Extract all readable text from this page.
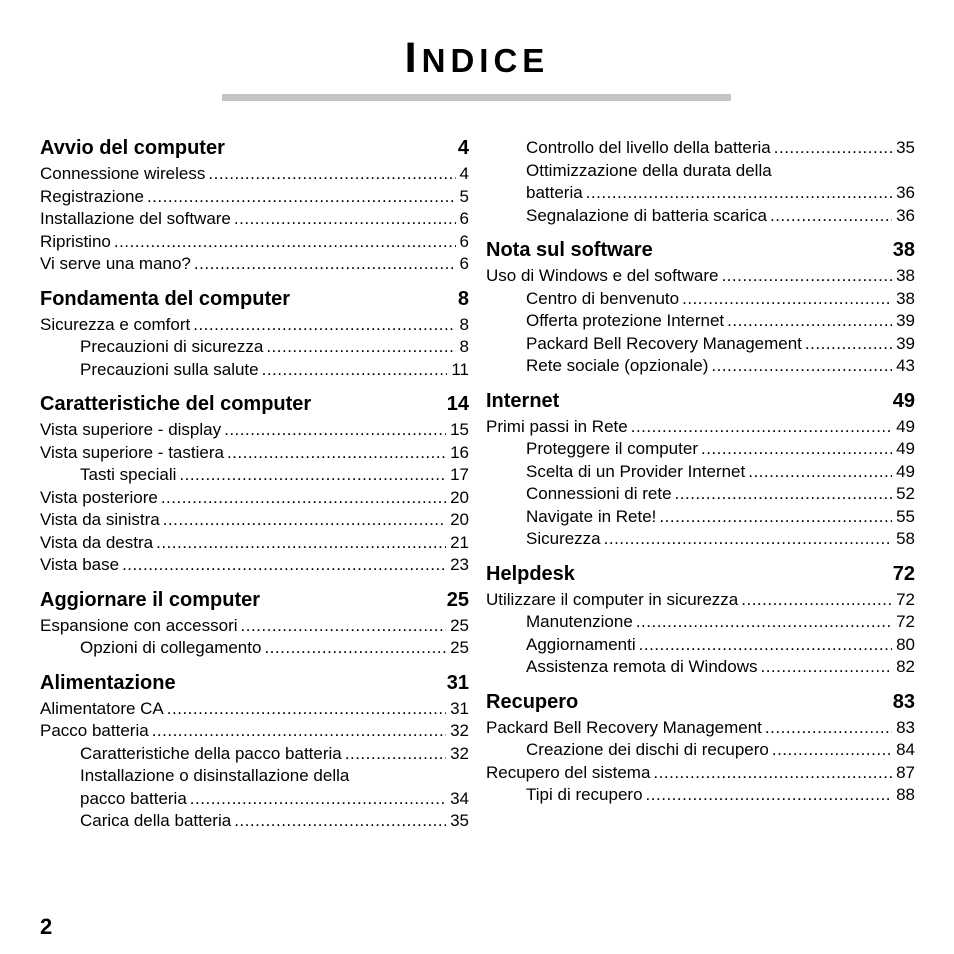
INDICE
Avvio del computer	4
Connessione wireless .....	4
Registrazione .....	5
Installazione del software .....	6
Ripristino .....	6
Vi serve una mano? .....	6
Fondamenta del computer	8
Sicurezza e comfort .....	8
Precauzioni di sicurezza .....	8
Precauzioni sulla salute .....	11
Caratteristiche del computer	14
Vista superiore - display .....	15
Vista superiore - tastiera .....	16
Tasti speciali .....	17
Vista posteriore .....	20
Vista da sinistra .....	20
Vista da destra .....	21
Vista base .....	23
Aggiornare il computer	25
Espansione con accessori .....	25
Opzioni di collegamento .....	25
Alimentazione	31
Alimentatore CA .....	31
Pacco batteria .....	32
Caratteristiche della pacco batteria .....	32
Installazione o disinstallazione della
pacco batteria .....	34
Carica della batteria .....	35
Controllo del livello della batteria .....	35
Ottimizzazione della durata della
batteria .....	36
Segnalazione di batteria scarica .....	36
Nota sul software	38
Uso di Windows e del software .....	38
Centro di benvenuto .....	38
Offerta protezione Internet .....	39
Packard Bell Recovery Management .....	39
Rete sociale (opzionale) .....	43
Internet	49
Primi passi in Rete .....	49
Proteggere il computer .....	49
Scelta di un Provider Internet .....	49
Connessioni di rete .....	52
Navigate in Rete! .....	55
Sicurezza .....	58
Helpdesk	72
Utilizzare il computer in sicurezza .....	72
Manutenzione .....	72
Aggiornamenti .....	80
Assistenza remota di Windows .....	82
Recupero	83
Packard Bell Recovery Management .....	83
Creazione dei dischi di recupero .....	84
Recupero del sistema .....	87
Tipi di recupero .....	88
2
